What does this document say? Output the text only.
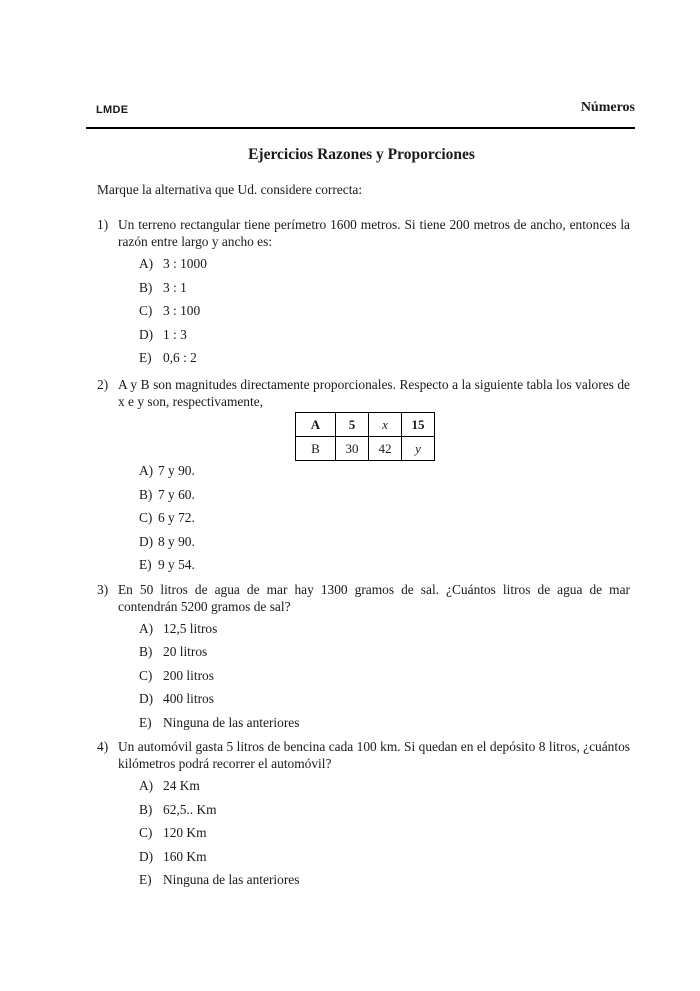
LMDE	Números
Ejercicios Razones y Proporciones

Marque la alternativa que Ud. considere correcta:

1) Un terreno rectangular tiene perímetro 1600 metros. Si tiene 200 metros de ancho, entonces la razón entre largo y ancho es:
A) 3 : 1000
B) 3 : 1
C) 3 : 100
D) 1 : 3
E) 0,6 : 2
2) A y B son magnitudes directamente proporcionales. Respecto a la siguiente tabla los valores de x e y son, respectivamente,
A	5	x	15
B	30	42	y
A) 7 y 90.
B) 7 y 60.
C) 6 y 72.
D) 8 y 90.
E) 9 y 54.
3) En 50 litros de agua de mar hay 1300 gramos de sal. ¿Cuántos litros de agua de mar contendrán 5200 gramos de sal?
A) 12,5 litros
B) 20 litros
C) 200 litros
D) 400 litros
E) Ninguna de las anteriores
4) Un automóvil gasta 5 litros de bencina cada 100 km. Si quedan en el depósito 8 litros, ¿cuántos kilómetros podrá recorrer el automóvil?
A) 24 Km
B) 62,5.. Km
C) 120 Km
D) 160 Km
E) Ninguna de las anteriores
